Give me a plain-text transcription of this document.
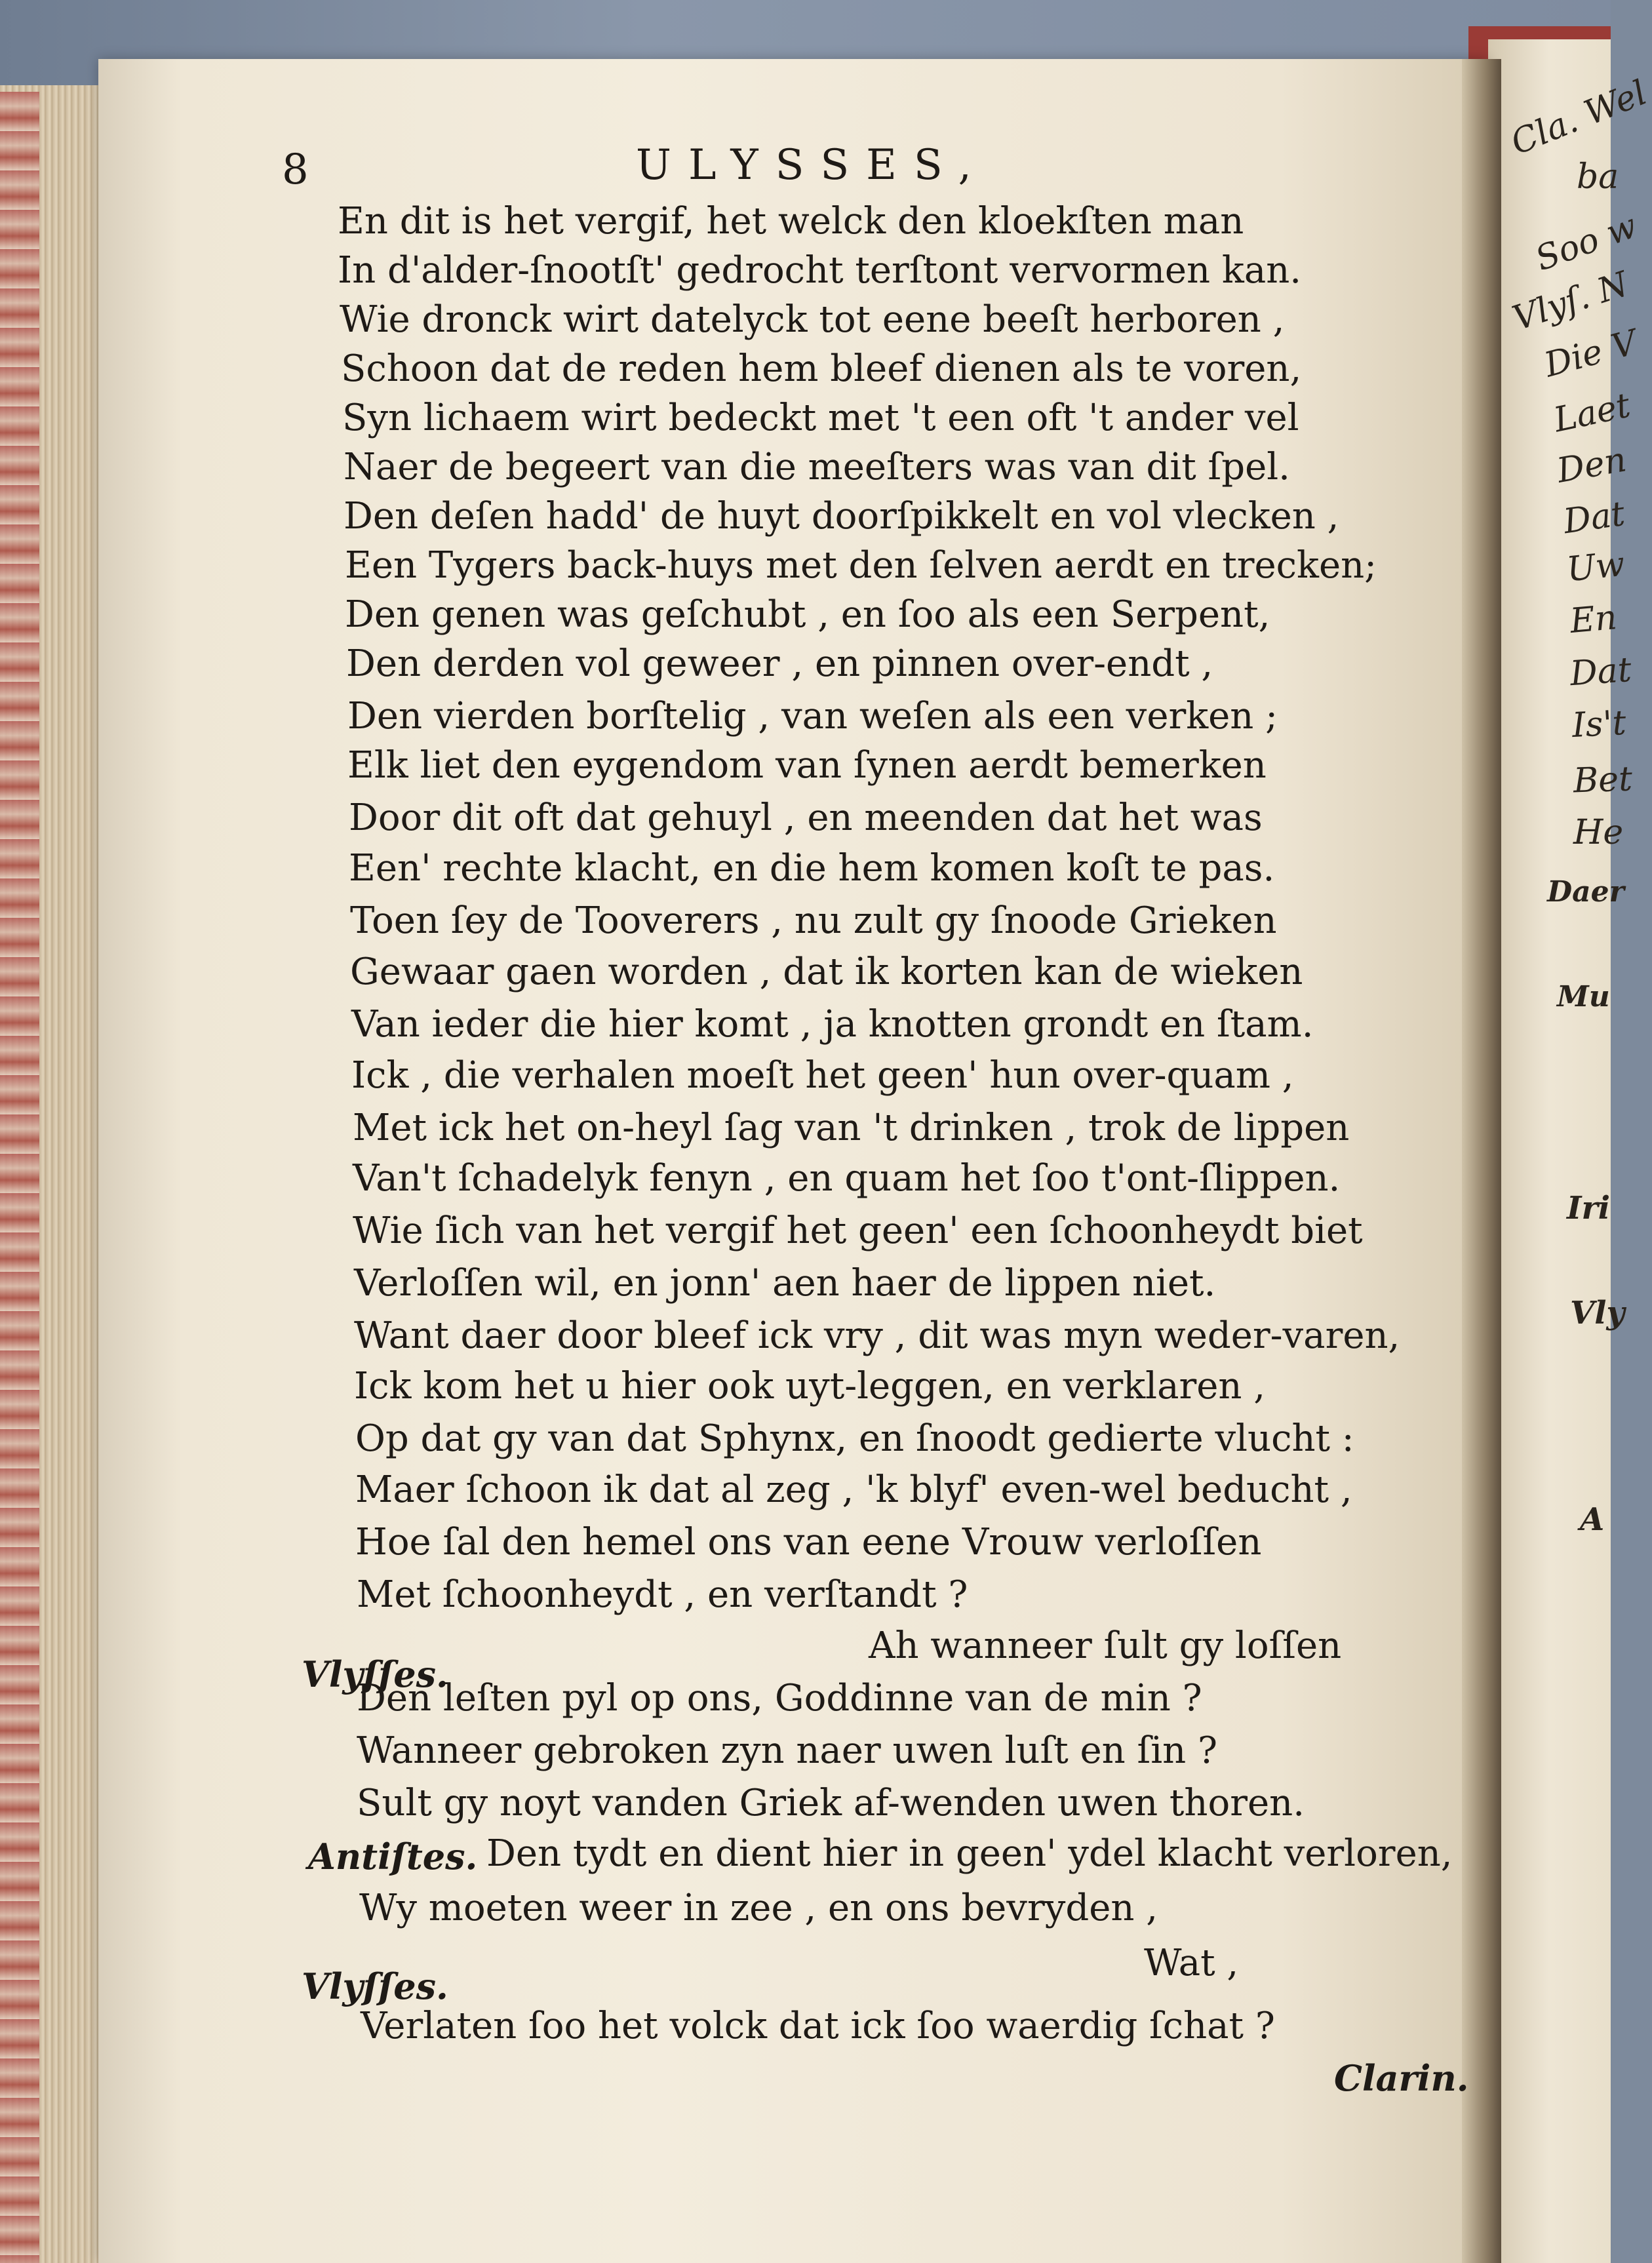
8	ULYSSES,
En dit is het vergif, het welck den kloekſten man
In d'alder-ſnootſt' gedrocht terſtont vervormen kan.
Wie dronck wirt datelyck tot eene beeſt herboren ,
Schoon dat de reden hem bleef dienen als te voren,
Syn lichaem wirt bedeckt met 't een oft 't ander vel
Naer de begeert van die meeſters was van dit ſpel.
Den deſen hadd' de huyt doorſpikkelt en vol vlecken ,
Een Tygers back-huys met den ſelven aerdt en trecken;
Den genen was geſchubt , en ſoo als een Serpent,
Den derden vol geweer , en pinnen over-endt ,
Den vierden borſtelig , van weſen als een verken ;
Elk liet den eygendom van ſynen aerdt bemerken
Door dit oft dat gehuyl , en meenden dat het was
Een' rechte klacht, en die hem komen koſt te pas.
Toen ſey de Tooverers , nu zult gy ſnoode Grieken
Gewaar gaen worden , dat ik korten kan de wieken
Van ieder die hier komt , ja knotten grondt en ſtam.
Ick , die verhalen moeſt het geen' hun over-quam ,
Met ick het on-heyl ſag van 't drinken , trok de lippen
Van't ſchadelyk fenyn , en quam het ſoo t'ont-ſlippen.
Wie ſich van het vergif het geen' een ſchoonheydt biet
Verloſſen wil, en jonn' aen haer de lippen niet.
Want daer door bleef ick vry , dit was myn weder-varen,
Ick kom het u hier ook uyt-leggen, en verklaren ,
Op dat gy van dat Sphynx, en ſnoodt gedierte vlucht :
Maer ſchoon ik dat al zeg , 'k blyf' even-wel beducht ,
Hoe ſal den hemel ons van eene Vrouw verloſſen
Met ſchoonheydt , en verſtandt ?
Vlyſſes.
Ah wanneer ſult gy loſſen
Den leſten pyl op ons, Goddinne van de min ?
Wanneer gebroken zyn naer uwen luſt en ſin ?
Sult gy noyt vanden Griek af-wenden uwen thoren.
Antiſtes. Den tydt en dient hier in geen' ydel klacht verloren,
Wy moeten weer in zee , en ons bevryden ,
Vlyſſes.
Wat ,
Verlaten ſoo het volck dat ick ſoo waerdig ſchat ?
Clarin.
Cla. Wel
ba
Soo w
Vlyſ. N
Die V
Laet
Den
Dat
Uw
En
Dat
Is't
Bet
He
Daer
Mu
Iri
Vly
A
